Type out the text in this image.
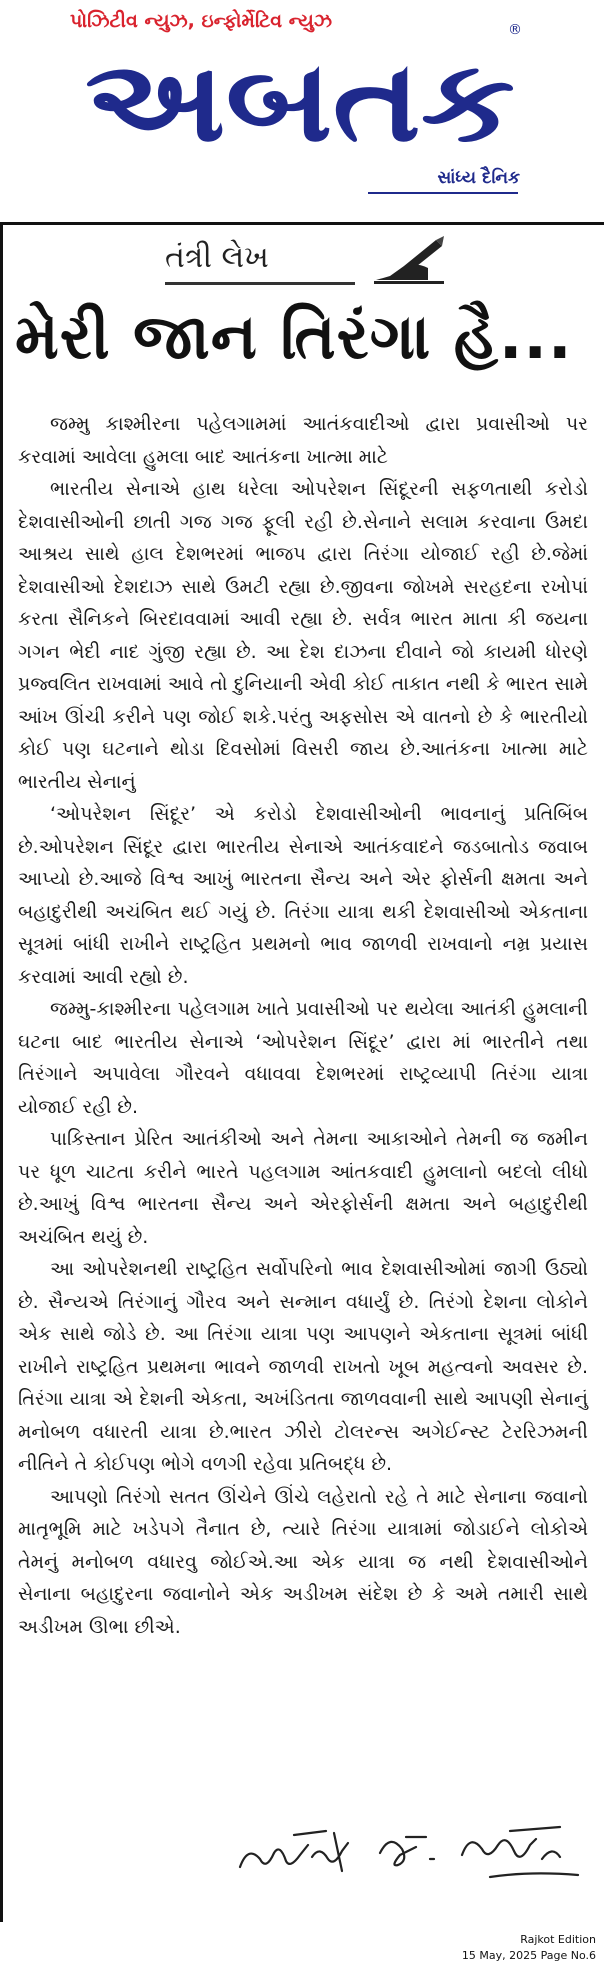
પોઝિટીવ ન્યુઝ, ઇન્ફોર્મેટિવ ન્યુઝ
અબતક
®
સાંધ્ય દૈનિક
તંત્રી લેખ
મેરી જાન તિરંગા હૈ...

જમ્મુ કાશ્મીરના પહેલગામમાં આતંકવાદીઓ દ્વારા પ્રવાસીઓ પર કરવામાં આવેલા હુમલા બાદ આતંકના ખાત્મા માટે

ભારતીય સેનાએ હાથ ધરેલા ઓપરેશન સિંદૂરની સફળતાથી કરોડો દેશવાસીઓની છાતી ગજ ગજ ફૂલી રહી છે.સેનાને સલામ કરવાના ઉમદા આશ્રય સાથે હાલ દેશભરમાં ભાજપ દ્વારા તિરંગા યોજાઈ રહી છે.જેમાં દેશવાસીઓ દેશદાઝ સાથે ઉમટી રહ્યા છે.જીવના જોખમે સરહદના રખોપાં કરતા સૈનિકને બિરદાવવામાં આવી રહ્યા છે. સર્વત્ર ભારત માતા કી જયના ગગન ભેદી નાદ ગુંજી રહ્યા છે. આ દેશ દાઝના દીવાને જો કાયમી ધોરણે પ્રજ્વલિત રાખવામાં આવે તો દુનિયાની એવી કોઈ તાકાત નથી કે ભારત સામે આંખ ઊંચી કરીને પણ જોઈ શકે.પરંતુ અફસોસ એ વાતનો છે કે ભારતીયો કોઈ પણ ઘટનાને થોડા દિવસોમાં વિસરી જાય છે.આતંકના ખાત્મા માટે ભારતીય સેનાનું

‘ઓપરેશન સિંદૂર’ એ કરોડો દેશવાસીઓની ભાવનાનું પ્રતિબિંબ છે.ઓપરેશન સિંદૂર દ્વારા ભારતીય સેનાએ આતંકવાદને જડબાતોડ જવાબ આપ્યો છે.આજે વિશ્વ આખું ભારતના સૈન્ય અને એર ફોર્સની ક્ષમતા અને બહાદુરીથી અચંબિત થઈ ગયું છે. તિરંગા યાત્રા થકી દેશવાસીઓ એકતાના સૂત્રમાં બાંધી રાખીને રાષ્ટ્રહિત પ્રથમનો ભાવ જાળવી રાખવાનો નમ્ર પ્રયાસ કરવામાં આવી રહ્યો છે.

જમ્મુ-કાશ્મીરના પહેલગામ ખાતે પ્રવાસીઓ પર થયેલા આતંકી હુમલાની ઘટના બાદ ભારતીય સેનાએ ‘ઓપરેશન સિંદૂર’ દ્વારા માં ભારતીને તથા તિરંગાને અપાવેલા ગૌરવને વધાવવા દેશભરમાં રાષ્ટ્રવ્યાપી તિરંગા યાત્રા યોજાઈ રહી છે.

પાકિસ્તાન પ્રેરિત આતંકીઓ અને તેમના આકાઓને તેમની જ જમીન પર ધૂળ ચાટતા કરીને ભારતે પહલગામ આંતકવાદી હુમલાનો બદલો લીધો છે.આખું વિશ્વ ભારતના સૈન્ય અને એરફોર્સની ક્ષમતા અને બહાદુરીથી અચંબિત થયું છે.

આ ઓપરેશનથી રાષ્ટ્રહિત સર્વોપરિનો ભાવ દેશવાસીઓમાં જાગી ઉઠ્યો છે. સૈન્યએ તિરંગાનું ગૌરવ અને સન્માન વધાર્યું છે. તિરંગો દેશના લોકોને એક સાથે જોડે છે. આ તિરંગા યાત્રા પણ આપણને એકતાના સૂત્રમાં બાંધી રાખીને રાષ્ટ્રહિત પ્રથમના ભાવને જાળવી રાખતો ખૂબ મહત્વનો અવસર છે. તિરંગા યાત્રા એ દેશની એકતા, અખંડિતતા જાળવવાની સાથે આપણી સેનાનું મનોબળ વધારતી યાત્રા છે.ભારત ઝીરો ટોલરન્સ અગેઈન્સ્ટ ટેરરિઝમની નીતિને તે કોઈપણ ભોગે વળગી રહેવા પ્રતિબદ્ધ છે.

આપણો તિરંગો સતત ઊંચેને ઊંચે લહેરાતો રહે તે માટે સેનાના જવાનો માતૃભૂમિ માટે ખડેપગે તૈનાત છે, ત્યારે તિરંગા યાત્રામાં જોડાઈને લોકોએ તેમનું મનોબળ વધારવુ જોઈએ.આ એક યાત્રા જ નથી દેશવાસીઓને સેનાના બહાદુરના જવાનોને એક અડીખમ સંદેશ છે કે અમે તમારી સાથે અડીખમ ઊભા છીએ.

Rajkot Edition
15 May, 2025 Page No.6
